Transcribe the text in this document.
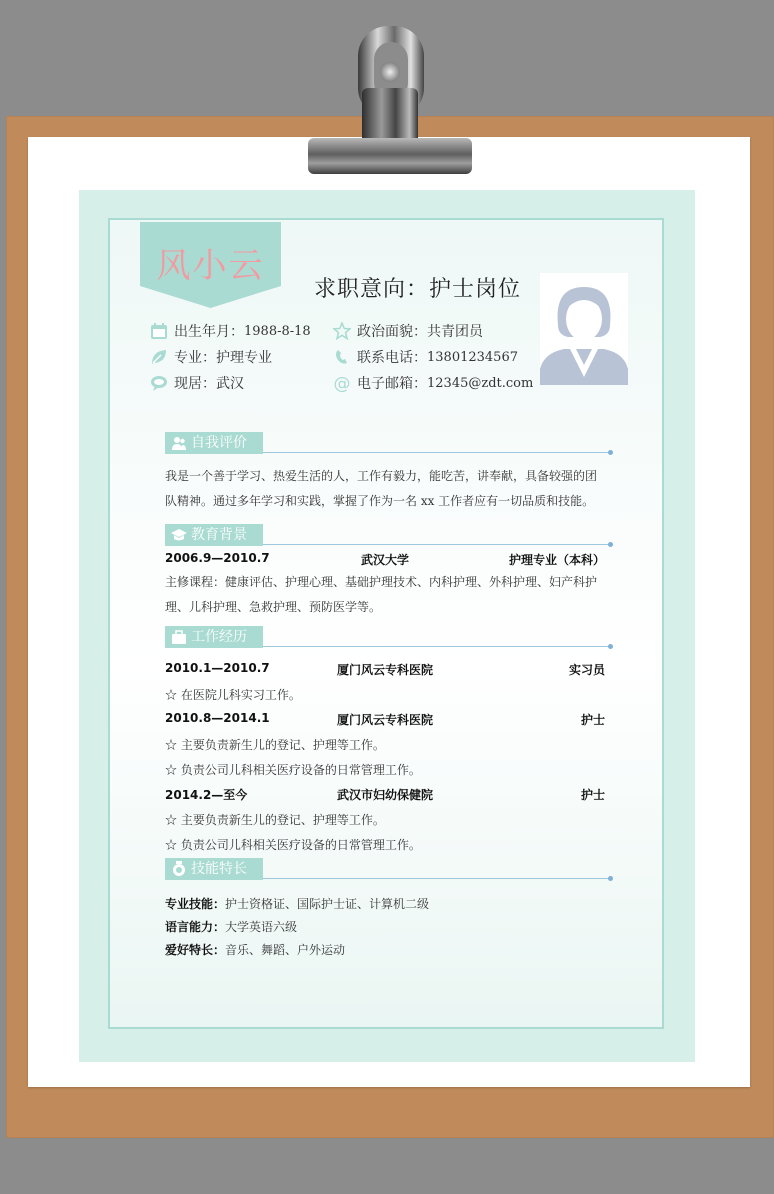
风小云
求职意向：护士岗位
出生年月： 1988-8-18	政治面貌： 共青团员
专业： 护理专业	联系电话： 13801234567
现居： 武汉	@ 电子邮箱： 12345@zdt.com
自我评价
我是一个善于学习、热爱生活的人，工作有毅力，能吃苦，讲奉献，具备较强的团
队精神。通过多年学习和实践，掌握了作为一名 xx 工作者应有一切品质和技能。
教育背景
2006.9—2010.7	武汉大学	护理专业（本科）
主修课程：健康评估、护理心理、基础护理技术、内科护理、外科护理、妇产科护
理、儿科护理、急救护理、预防医学等。
工作经历
2010.1—2010.7	厦门风云专科医院	实习员
☆ 在医院儿科实习工作。
2010.8—2014.1	厦门风云专科医院	护士
☆ 主要负责新生儿的登记、护理等工作。
☆ 负责公司儿科相关医疗设备的日常管理工作。
2014.2—至今	武汉市妇幼保健院	护士
☆ 主要负责新生儿的登记、护理等工作。
☆ 负责公司儿科相关医疗设备的日常管理工作。
技能特长
专业技能：护士资格证、国际护士证、计算机二级
语言能力：大学英语六级
爱好特长：音乐、舞蹈、户外运动
